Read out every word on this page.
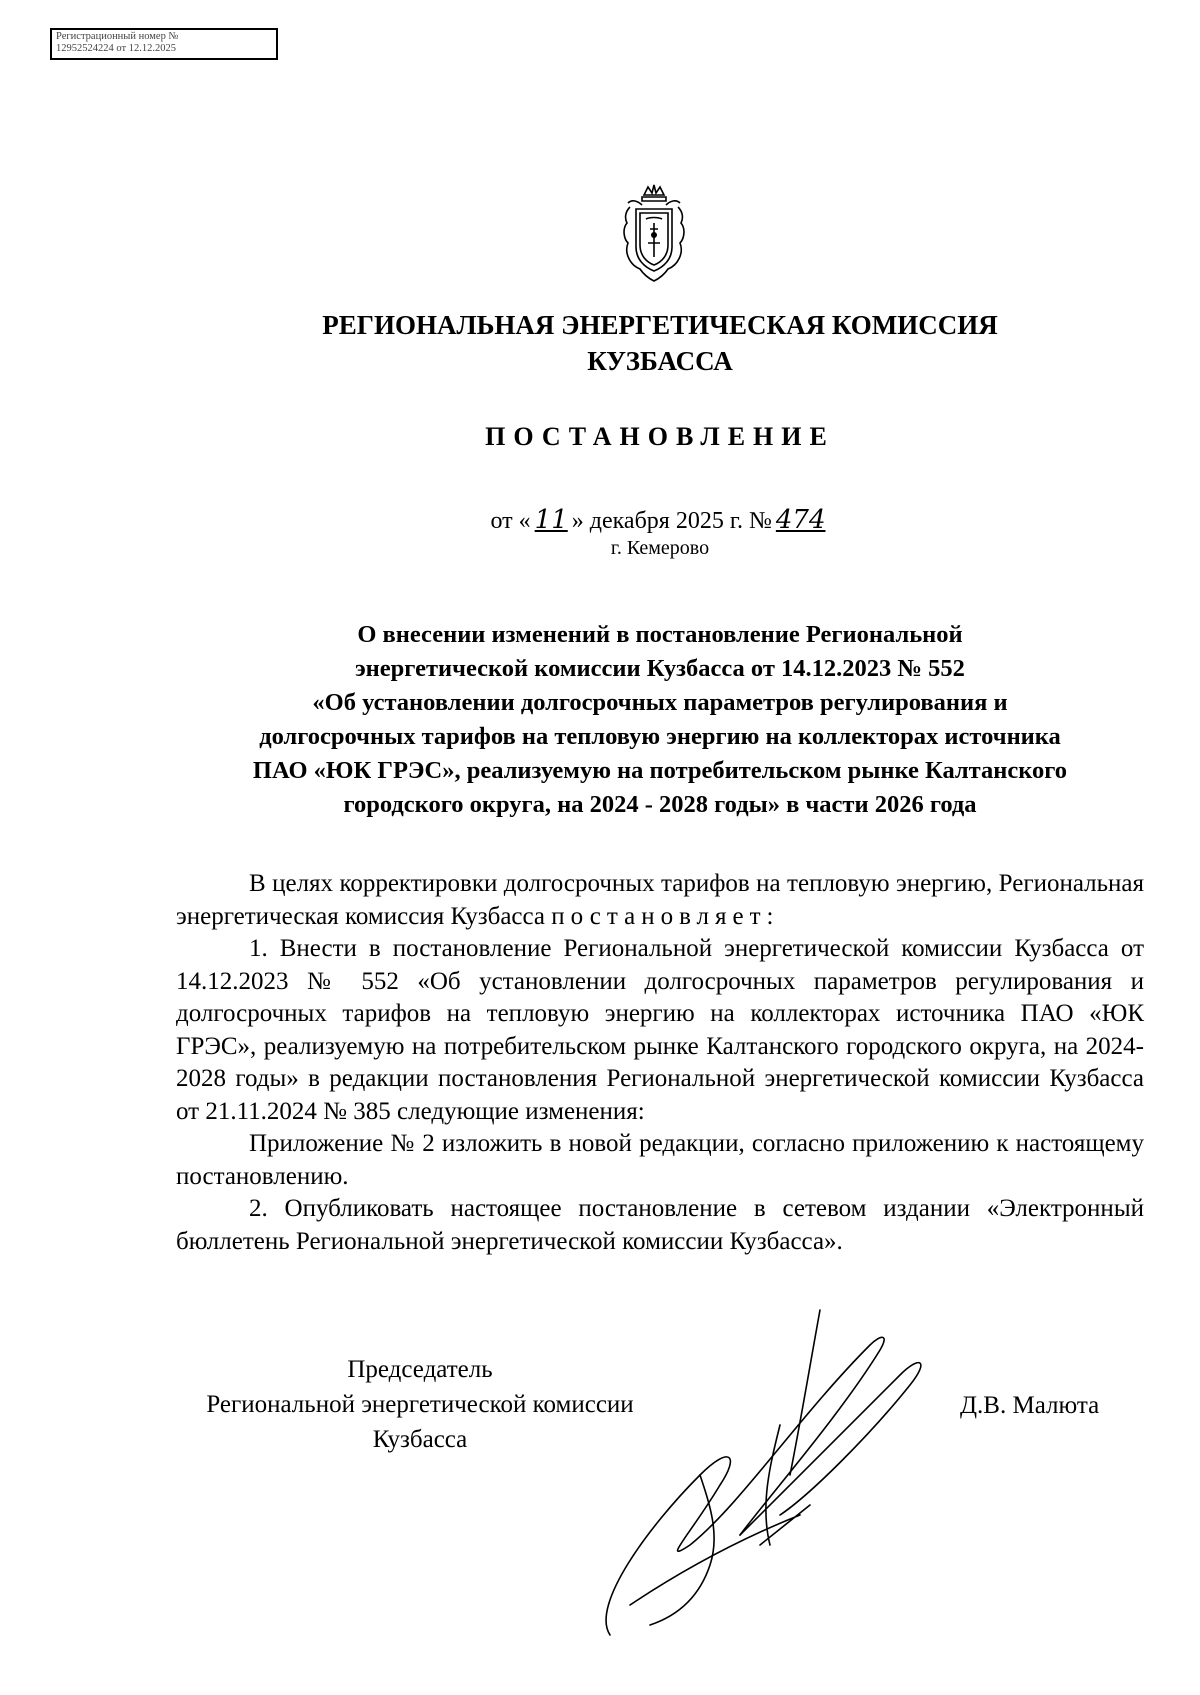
Регистрационный номер №
12952524224 от 12.12.2025
РЕГИОНАЛЬНАЯ ЭНЕРГЕТИЧЕСКАЯ КОМИССИЯ
КУЗБАССА
ПОСТАНОВЛЕНИЕ
от « 11 » декабря 2025 г. № 474
г. Кемерово
О внесении изменений в постановление Региональной
энергетической комиссии Кузбасса от 14.12.2023 № 552
«Об установлении долгосрочных параметров регулирования и
долгосрочных тарифов на тепловую энергию на коллекторах источника
ПАО «ЮК ГРЭС», реализуемую на потребительском рынке Калтанского
городского округа, на 2024 - 2028 годы» в части 2026 года

В целях корректировки долгосрочных тарифов на тепловую энергию, Региональная энергетическая комиссия Кузбасса постановляет:

1. Внести в постановление Региональной энергетической комиссии Кузбасса от 14.12.2023 № 552 «Об установлении долгосрочных параметров регулирования и долгосрочных тарифов на тепловую энергию на коллекторах источника ПАО «ЮК ГРЭС», реализуемую на потребительском рынке Калтанского городского округа, на 2024-2028 годы» в редакции постановления Региональной энергетической комиссии Кузбасса от 21.11.2024 № 385 следующие изменения:

Приложение № 2 изложить в новой редакции, согласно приложению к настоящему постановлению.

2. Опубликовать настоящее постановление в сетевом издании «Электронный бюллетень Региональной энергетической комиссии Кузбасса».

Председатель
Региональной энергетической комиссии
Кузбасса
Д.В. Малюта
